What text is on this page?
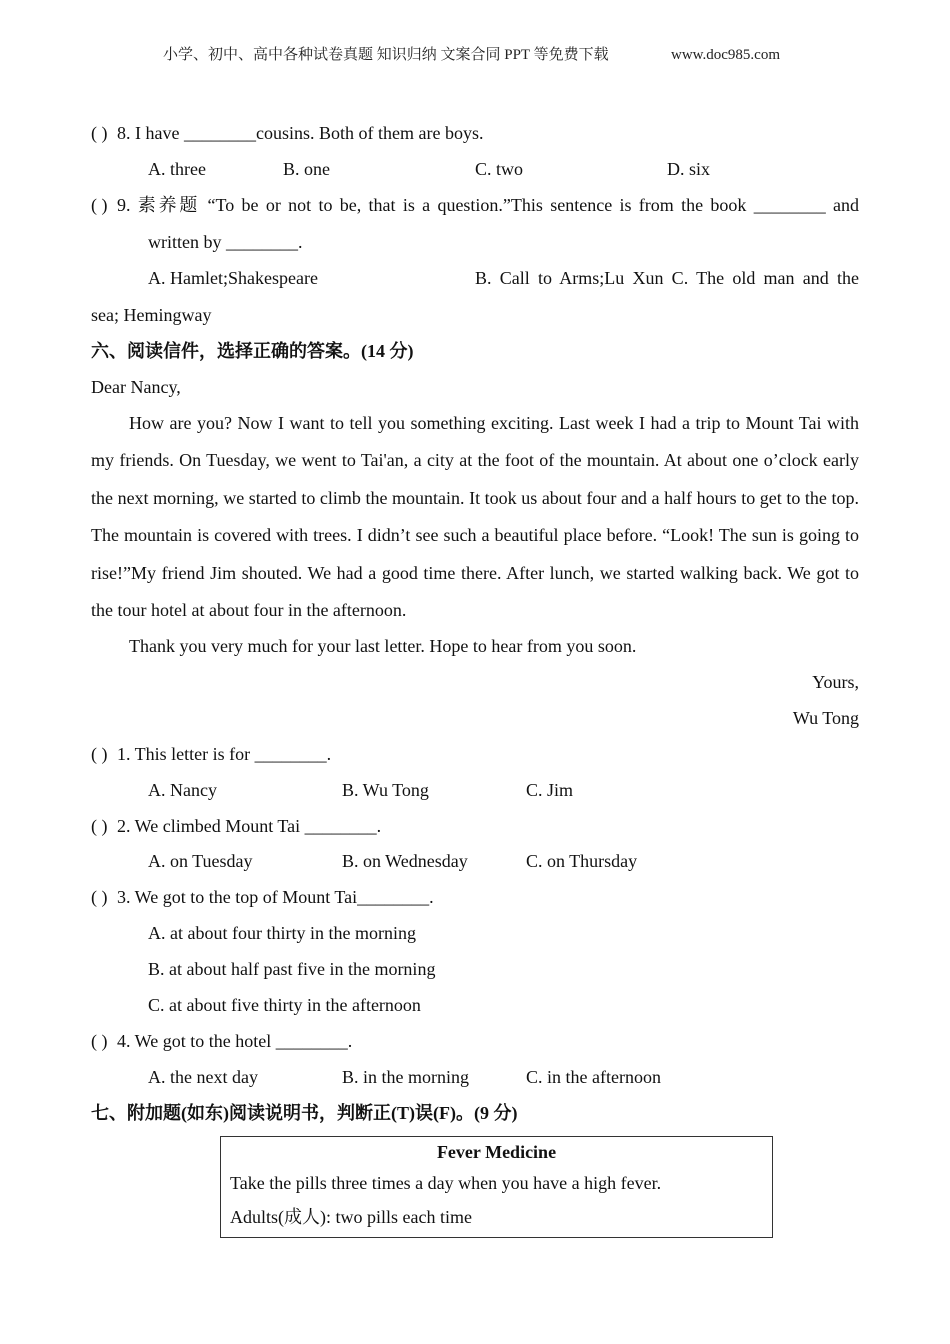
小学、初中、高中各种试卷真题 知识归纳 文案合同 PPT 等免费下载	www.doc985.com
( ) 8. I have ________cousins. Both of them are boys.
A. three	B. one	C. two	D. six
( ) 9. 素养题 “To be or not to be, that is a question.”This sentence is from the book ________ and
written by ________.
A. Hamlet;Shakespeare	B. Call to Arms;Lu Xun C. The old man and the
sea; Hemingway
六、阅读信件，选择正确的答案。(14 分)
Dear Nancy,
How are you? Now I want to tell you something exciting. Last week I had a trip to Mount Tai with my friends. On Tuesday, we went to Tai'an, a city at the foot of the mountain. At about one o’clock early the next morning, we started to climb the mountain. It took us about four and a half hours to get to the top. The mountain is covered with trees. I didn’t see such a beautiful place before. “Look! The sun is going to rise!”My friend Jim shouted. We had a good time there. After lunch, we started walking back. We got to the tour hotel at about four in the afternoon.
Thank you very much for your last letter. Hope to hear from you soon.
Yours,
Wu Tong
( ) 1. This letter is for ________.
A. Nancy	B. Wu Tong	C. Jim
( ) 2. We climbed Mount Tai ________.
A. on Tuesday	B. on Wednesday	C. on Thursday
( ) 3. We got to the top of Mount Tai________.
A. at about four thirty in the morning
B. at about half past five in the morning
C. at about five thirty in the afternoon
( ) 4. We got to the hotel ________.
A. the next day	B. in the morning	C. in the afternoon
七、附加题(如东)阅读说明书，判断正(T)误(F)。(9 分)
Fever Medicine
Take the pills three times a day when you have a high fever.
Adults(成人): two pills each time
